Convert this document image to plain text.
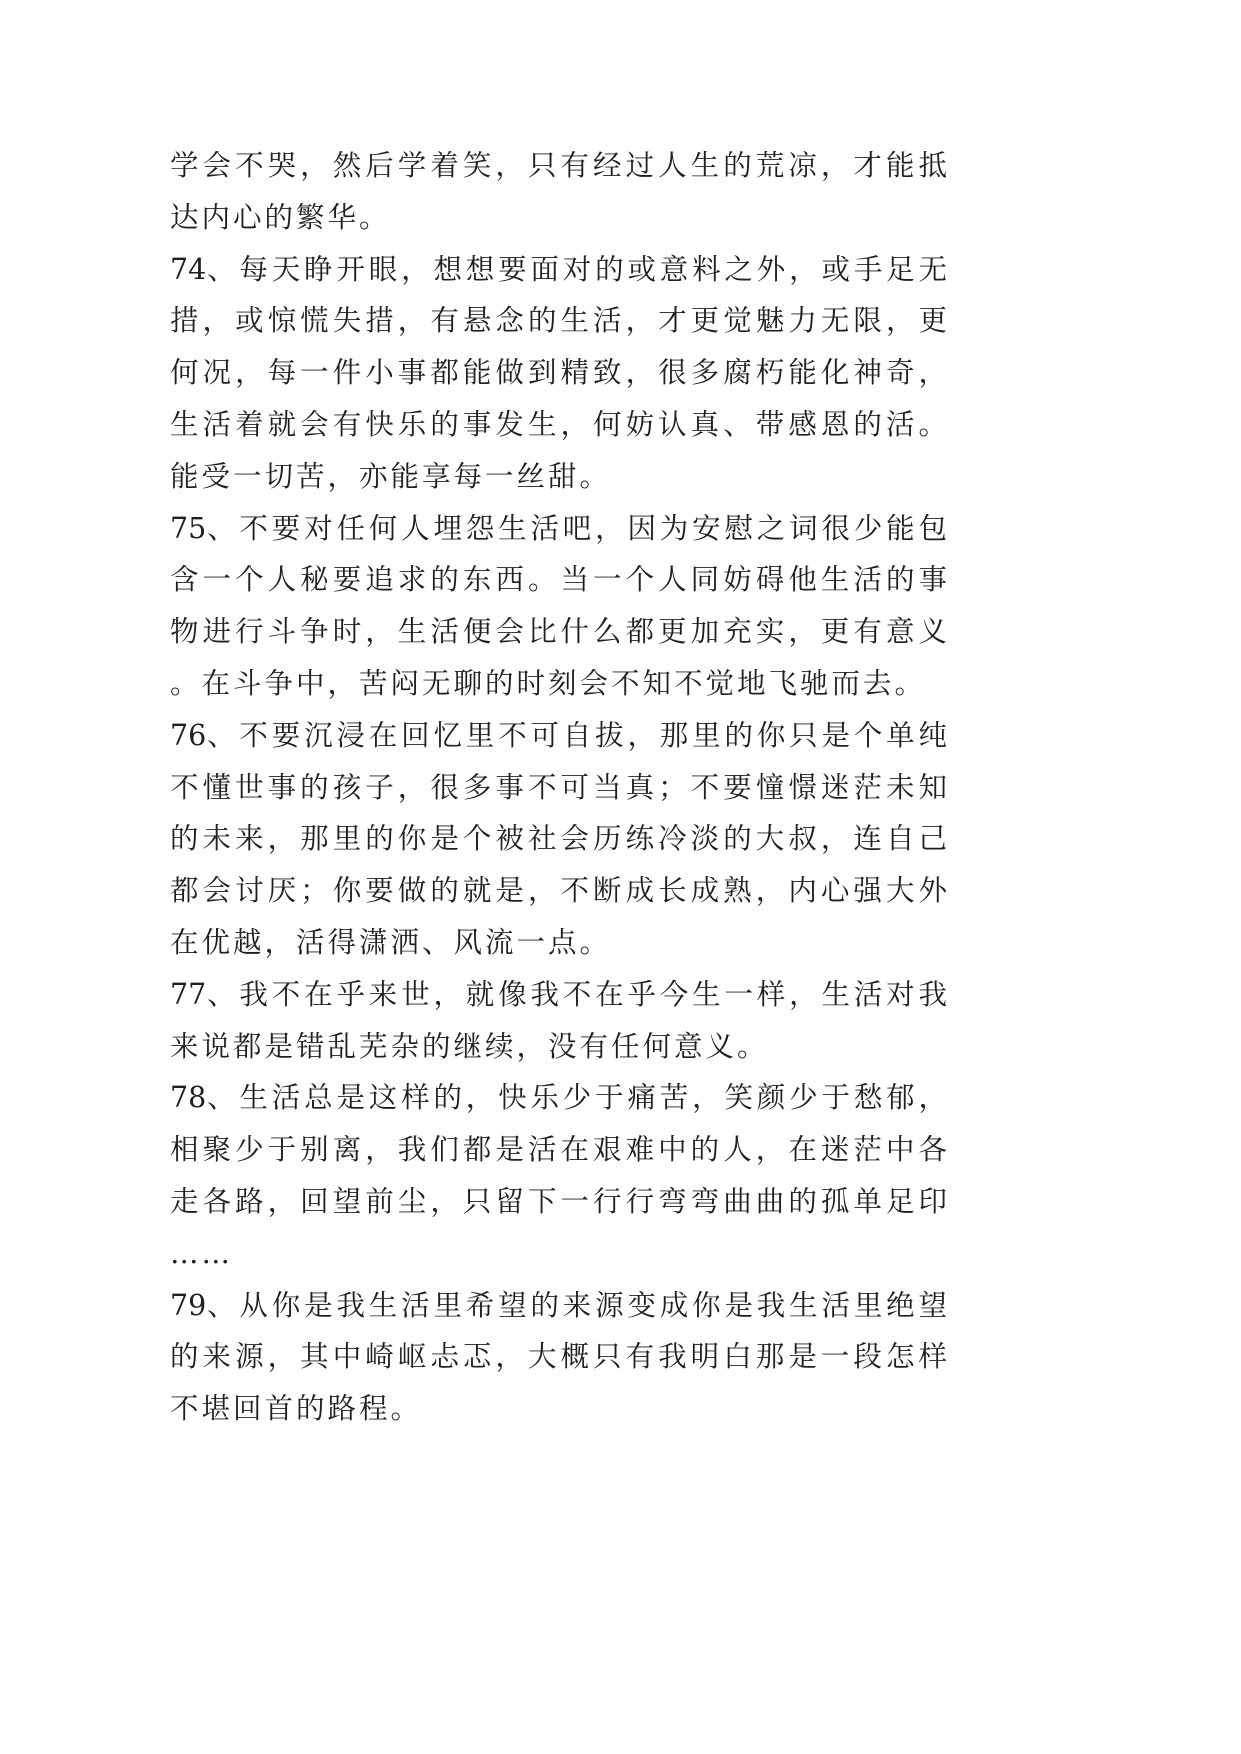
学会不哭，然后学着笑，只有经过人生的荒凉，才能抵达内心的繁华。

74、每天睁开眼，想想要面对的或意料之外，或手足无措，或惊慌失措，有悬念的生活，才更觉魅力无限，更何况，每一件小事都能做到精致，很多腐朽能化神奇，生活着就会有快乐的事发生，何妨认真、带感恩的活。能受一切苦，亦能享每一丝甜。

75、不要对任何人埋怨生活吧，因为安慰之词很少能包含一个人秘要追求的东西。当一个人同妨碍他生活的事物进行斗争时，生活便会比什么都更加充实，更有意义。在斗争中，苦闷无聊的时刻会不知不觉地飞驰而去。

76、不要沉浸在回忆里不可自拔，那里的你只是个单纯不懂世事的孩子，很多事不可当真；不要憧憬迷茫未知的未来，那里的你是个被社会历练冷淡的大叔，连自己都会讨厌；你要做的就是，不断成长成熟，内心强大外在优越，活得潇洒、风流一点。

77、我不在乎来世，就像我不在乎今生一样，生活对我来说都是错乱芜杂的继续，没有任何意义。

78、生活总是这样的，快乐少于痛苦，笑颜少于愁郁，相聚少于别离，我们都是活在艰难中的人，在迷茫中各走各路，回望前尘，只留下一行行弯弯曲曲的孤单足印……

79、从你是我生活里希望的来源变成你是我生活里绝望的来源，其中崎岖忐忑，大概只有我明白那是一段怎样不堪回首的路程。
